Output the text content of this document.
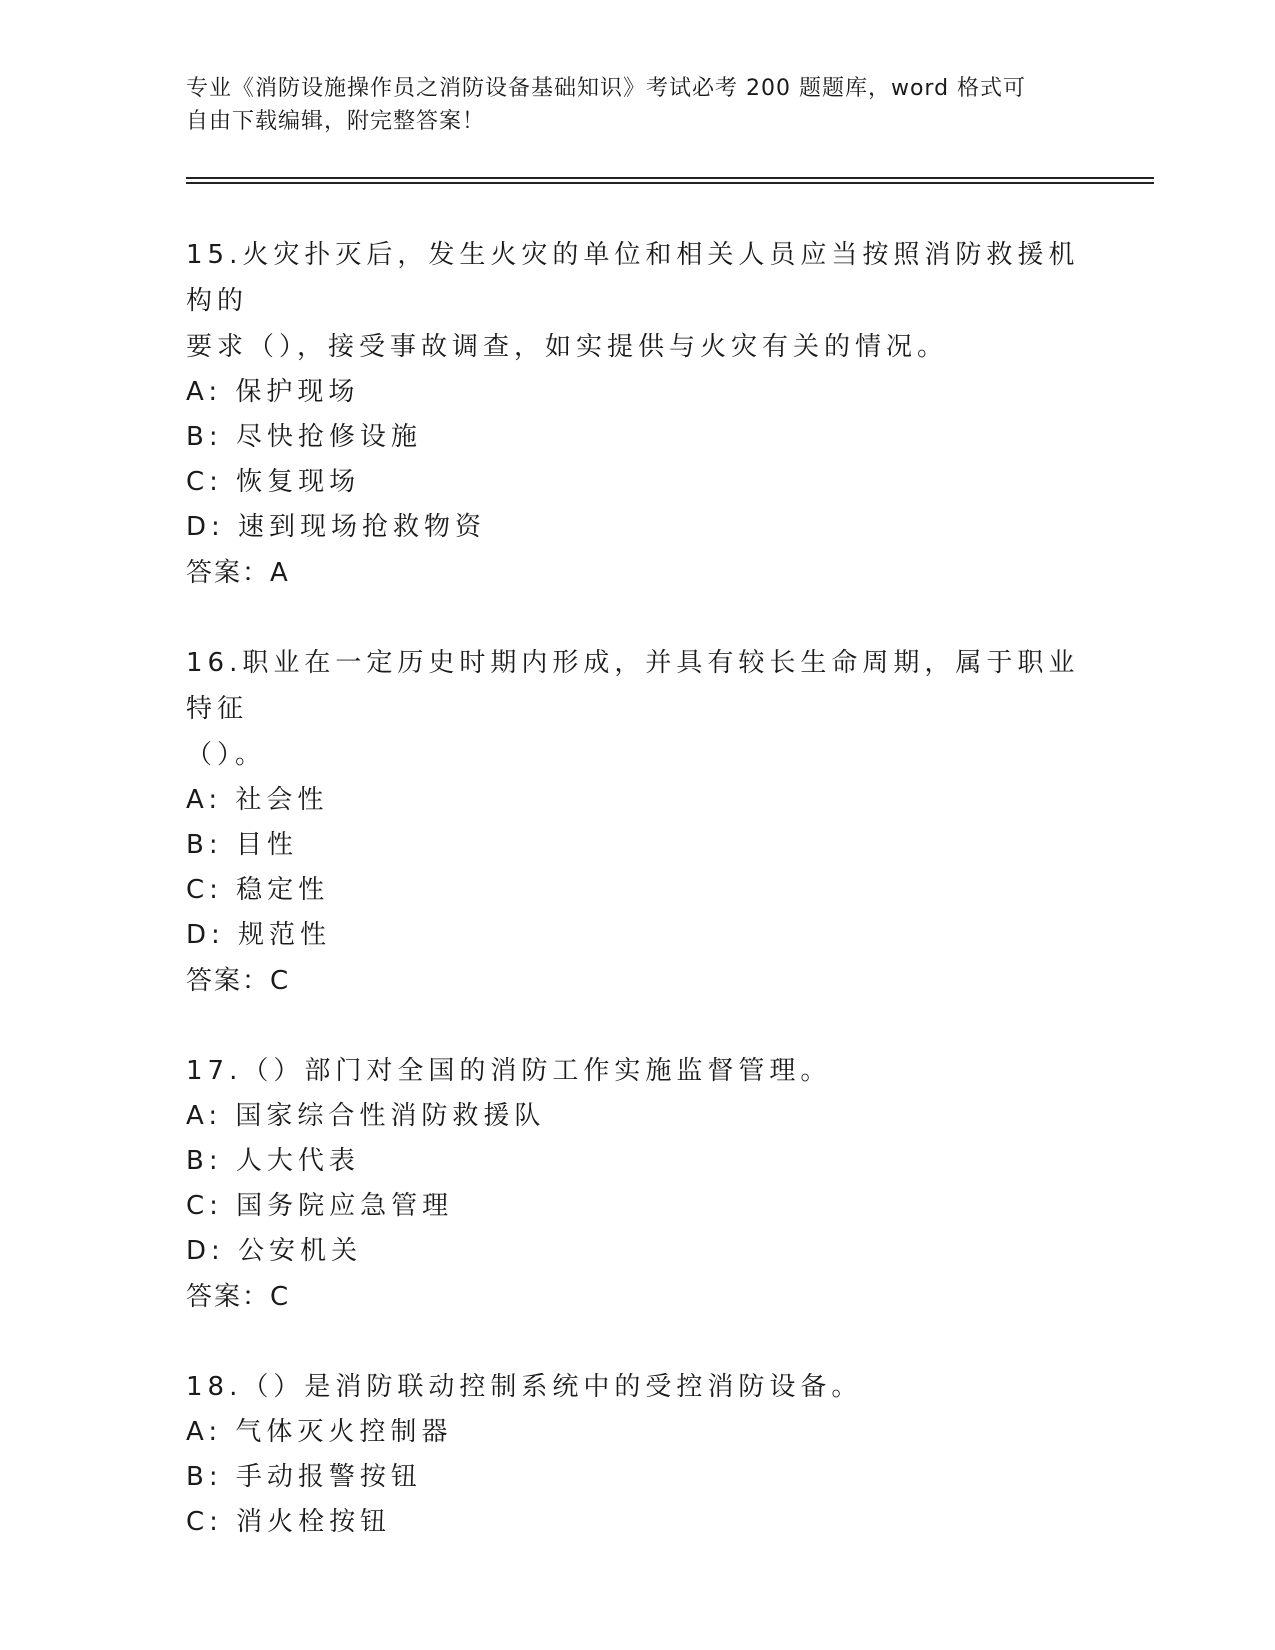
专业《消防设施操作员之消防设备基础知识》考试必考 200 题题库，word 格式可

自由下载编辑，附完整答案！

15.火灾扑灭后，发生火灾的单位和相关人员应当按照消防救援机构的

要求（），接受事故调查，如实提供与火灾有关的情况。

A: 保护现场

B: 尽快抢修设施

C: 恢复现场

D: 速到现场抢救物资

答案：A

16.职业在一定历史时期内形成，并具有较长生命周期，属于职业特征

（）。

A: 社会性

B: 目性

C: 稳定性

D: 规范性

答案：C

17.（）部门对全国的消防工作实施监督管理。

A: 国家综合性消防救援队

B: 人大代表

C: 国务院应急管理

D: 公安机关

答案：C

18.（）是消防联动控制系统中的受控消防设备。

A: 气体灭火控制器

B: 手动报警按钮

C: 消火栓按钮
